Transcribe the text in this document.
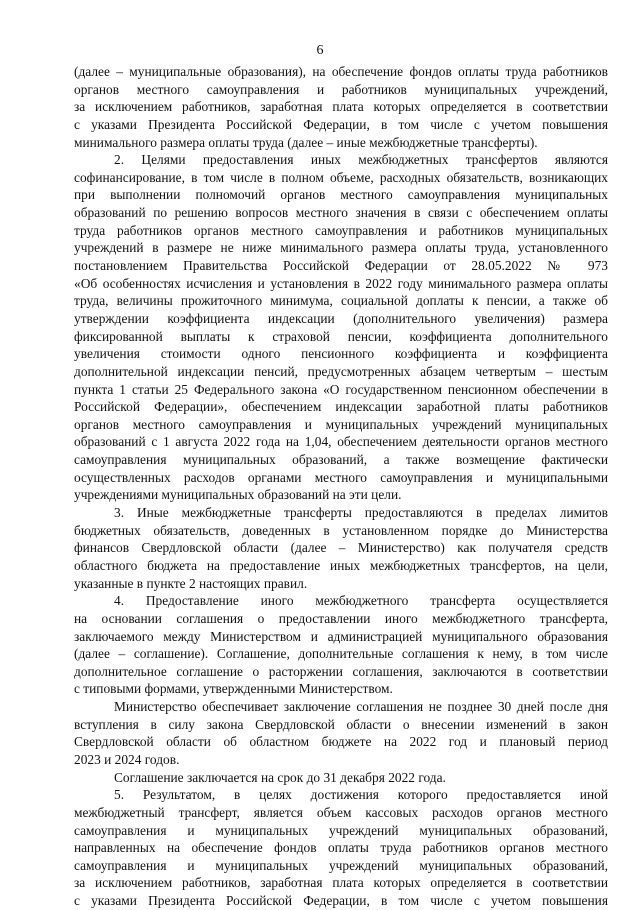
6
(далее – муниципальные образования), на обеспечение фондов оплаты труда работников
органов местного самоуправления и работников муниципальных учреждений,
за исключением работников, заработная плата которых определяется в соответствии
с указами Президента Российской Федерации, в том числе с учетом повышения
минимального размера оплаты труда (далее – иные межбюджетные трансферты).
2. Целями предоставления иных межбюджетных трансфертов являются
софинансирование, в том числе в полном объеме, расходных обязательств, возникающих
при выполнении полномочий органов местного самоуправления муниципальных
образований по решению вопросов местного значения в связи с обеспечением оплаты
труда работников органов местного самоуправления и работников муниципальных
учреждений в размере не ниже минимального размера оплаты труда, установленного
постановлением Правительства Российской Федерации от 28.05.2022 № 973
«Об особенностях исчисления и установления в 2022 году минимального размера оплаты
труда, величины прожиточного минимума, социальной доплаты к пенсии, а также об
утверждении коэффициента индексации (дополнительного увеличения) размера
фиксированной выплаты к страховой пенсии, коэффициента дополнительного
увеличения стоимости одного пенсионного коэффициента и коэффициента
дополнительной индексации пенсий, предусмотренных абзацем четвертым – шестым
пункта 1 статьи 25 Федерального закона «О государственном пенсионном обеспечении в
Российской Федерации», обеспечением индексации заработной платы работников
органов местного самоуправления и муниципальных учреждений муниципальных
образований с 1 августа 2022 года на 1,04, обеспечением деятельности органов местного
самоуправления муниципальных образований, а также возмещение фактически
осуществленных расходов органами местного самоуправления и муниципальными
учреждениями муниципальных образований на эти цели.
3. Иные межбюджетные трансферты предоставляются в пределах лимитов
бюджетных обязательств, доведенных в установленном порядке до Министерства
финансов Свердловской области (далее – Министерство) как получателя средств
областного бюджета на предоставление иных межбюджетных трансфертов, на цели,
указанные в пункте 2 настоящих правил.
4. Предоставление иного межбюджетного трансферта осуществляется
на основании соглашения о предоставлении иного межбюджетного трансферта,
заключаемого между Министерством и администрацией муниципального образования
(далее – соглашение). Соглашение, дополнительные соглашения к нему, в том числе
дополнительное соглашение о расторжении соглашения, заключаются в соответствии
с типовыми формами, утвержденными Министерством.
Министерство обеспечивает заключение соглашения не позднее 30 дней после дня
вступления в силу закона Свердловской области о внесении изменений в закон
Свердловской области об областном бюджете на 2022 год и плановый период
2023 и 2024 годов.
Соглашение заключается на срок до 31 декабря 2022 года.
5. Результатом, в целях достижения которого предоставляется иной
межбюджетный трансферт, является объем кассовых расходов органов местного
самоуправления и муниципальных учреждений муниципальных образований,
направленных на обеспечение фондов оплаты труда работников органов местного
самоуправления и муниципальных учреждений муниципальных образований,
за исключением работников, заработная плата которых определяется в соответствии
с указами Президента Российской Федерации, в том числе с учетом повышения
